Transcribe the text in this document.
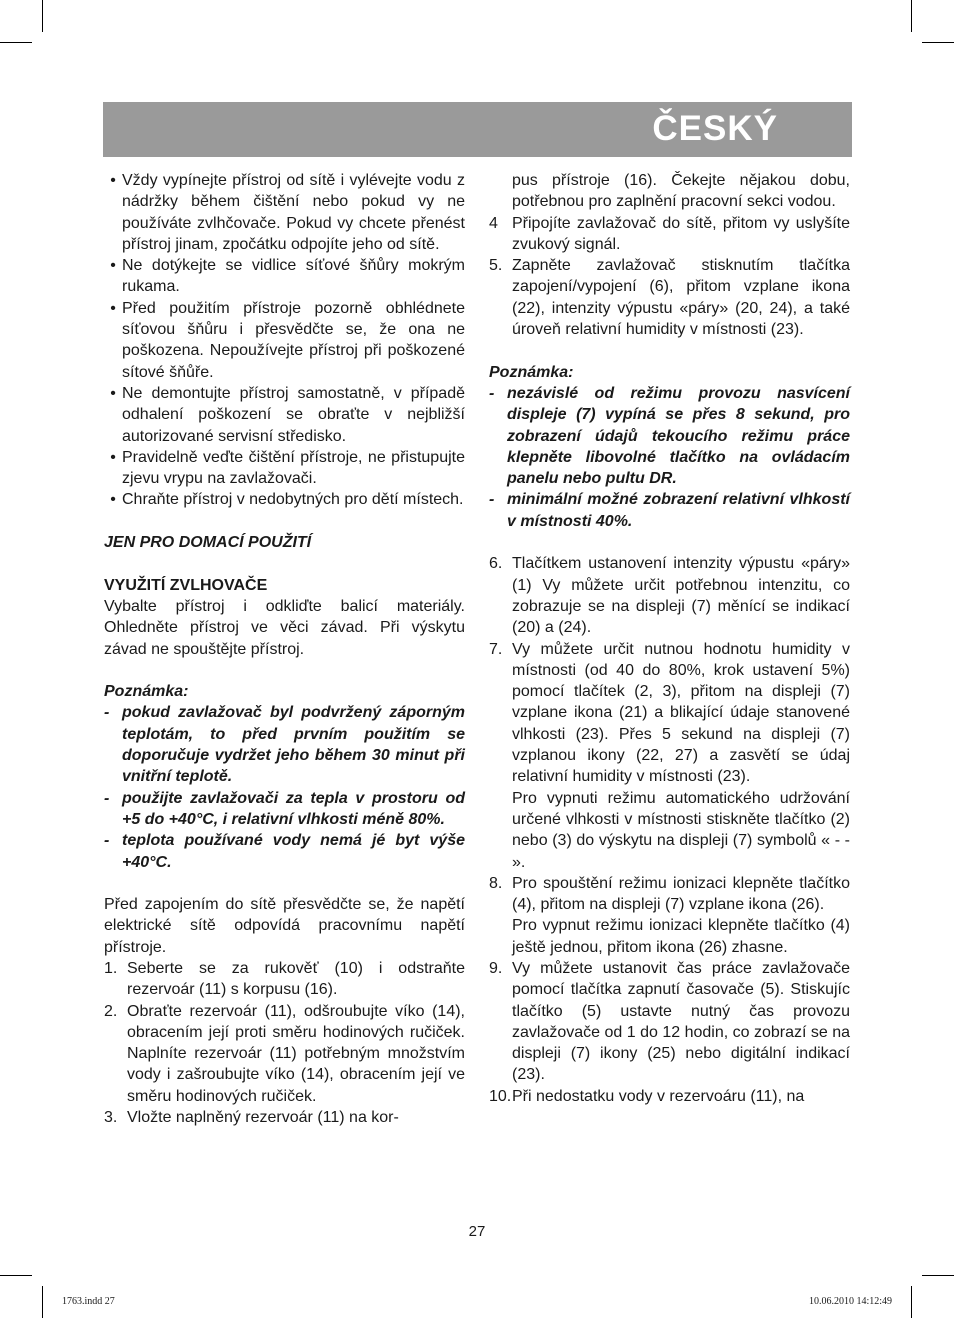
ČESKÝ
• Vždy vypínejte přístroj od sítě i vylévejte vodu z nádržky během čištění nebo pokud vy ne používáte zvlhčovače. Pokud vy chcete přenést přístroj jinam, zpočátku odpojíte jeho od sítě.
• Ne dotýkejte se vidlice síťové šňůry mokrým rukama.
• Před použitím přístroje pozorně obhlédnete síťovou šňůru i přesvědčte se, že ona ne poškozena. Nepoužívejte přístroj při poškozené sítové šňůře.
• Ne demontujte přístroj samostatně, v případě odhalení poškození se obraťte v nejbližší autorizované servisní středisko.
• Pravidelně veďte čištění přístroje, ne přistupujte zjevu vrypu na zavlažovači.
• Chraňte přístroj v nedobytných pro dětí místech.

JEN PRO DOMACÍ POUŽITÍ

VYUŽITÍ ZVLHOVAČE

Vybalte přístroj i odkliďte balicí materiály. Ohledněte přístroj ve věci závad. Při výskytu závad ne spouštějte přístroj.

Poznámka:

- pokud zavlažovač byl podvržený záporným teplotám, to před prvním použitím se doporučuje vydržet jeho během 30 minut při vnitřní teplotě.
- použijte zavlažovači za tepla v prostoru od +5 do +40°C, i relativní vlhkosti méně 80%.
- teplota používané vody nemá jé byt výše +40°C.

Před zapojením do sítě přesvědčte se, že napětí elektrické sítě odpovídá pracovnímu napětí přístroje.

1. Seberte se za rukověť (10) i odstraňte rezervoár (11) s korpusu (16).
2. Obraťte rezervoár (11), odšroubujte víko (14), obracením její proti směru hodinových ručiček. Naplníte rezervoár (11) potřebným množstvím vody i zašroubujte víko (14), obracením její ve směru hodinových ručiček.
3. Vložte naplněný rezervoár (11) na kor-

pus přístroje (16). Čekejte nějakou dobu, potřebnou pro zaplnění pracovní sekci vodou.

4 Připojíte zavlažovač do sítě, přitom vy uslyšíte zvukový signál.
5. Zapněte zavlažovač stisknutím tlačítka zapojení/vypojení (6), přitom vzplane ikona (22), intenzity výpustu «páry» (20, 24), a také úroveň relativní humidity v místnosti (23).

Poznámka:

- nezávislé od režimu provozu nasvícení displeje (7) vypíná se přes 8 sekund, pro zobrazení údajů tekoucího režimu práce klepněte libovolné tlačítko na ovládacím panelu nebo pultu DR.
- minimální možné zobrazení relativní vlhkostí v místnosti 40%.
6. Tlačítkem ustanovení intenzity výpustu «páry» (1) Vy můžete určit potřebnou intenzitu, co zobrazuje se na displeji (7) měnící se indikací (20) a (24).
7. Vy můžete určit nutnou hodnotu humidity v místnosti (od 40 do 80%, krok ustavení 5%) pomocí tlačítek (2, 3), přitom na displeji (7) vzplane ikona (21) a blikající údaje stanovené vlhkosti (23). Přes 5 sekund na displeji (7) vzplanou ikony (22, 27) a zasvětí se údaj relativní humidity v místnosti (23).

Pro vypnuti režimu automatického udržování určené vlhkosti v místnosti stiskněte tlačítko (2) nebo (3) do výskytu na displeji (7) symbolů « - - ».

8. Pro spouštění režimu ionizaci klepněte tlačítko (4), přitom na displeji (7) vzplane ikona (26).

Pro vypnut režimu ionizaci klepněte tlačítko (4) ještě jednou, přitom ikona (26) zhasne.

9. Vy můžete ustanovit čas práce zavlažovače pomocí tlačítka zapnutí časovače (5). Stiskujíc tlačítko (5) ustavte nutný čas provozu zavlažovače od 1 do 12 hodin, co zobrazí se na displeji (7) ikony (25) nebo digitální indikací (23).
10. Při nedostatku vody v rezervoáru (11), na
27
1763.indd 27	10.06.2010 14:12:49
